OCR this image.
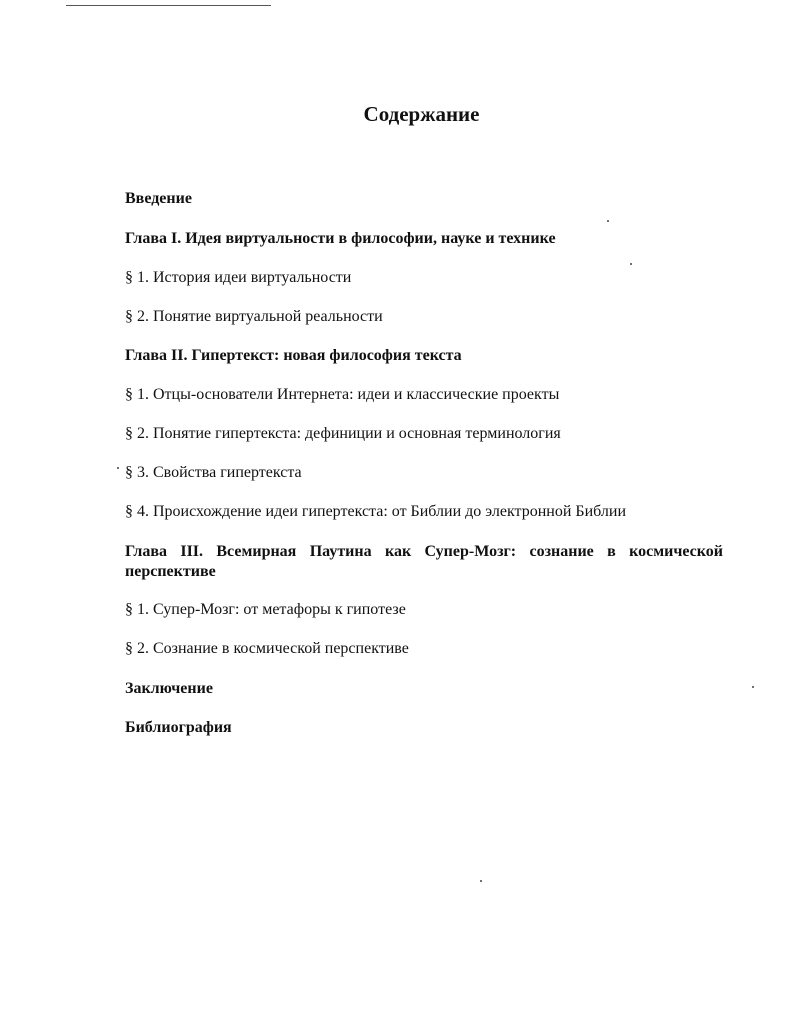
Содержание
Введение
Глава I. Идея виртуальности в философии, науке и технике
§ 1. История идеи виртуальности
§ 2. Понятие виртуальной реальности
Глава II. Гипертекст: новая философия текста
§ 1. Отцы-основатели Интернета: идеи и классические проекты
§ 2. Понятие гипертекста: дефиниции и основная терминология
§ 3. Свойства гипертекста
§ 4. Происхождение идеи гипертекста: от Библии до электронной Библии
Глава III. Всемирная Паутина как Супер-Мозг: сознание в космической перспективе
§ 1. Супер-Мозг: от метафоры к гипотезе
§ 2. Сознание в космической перспективе
Заключение
Библиография
